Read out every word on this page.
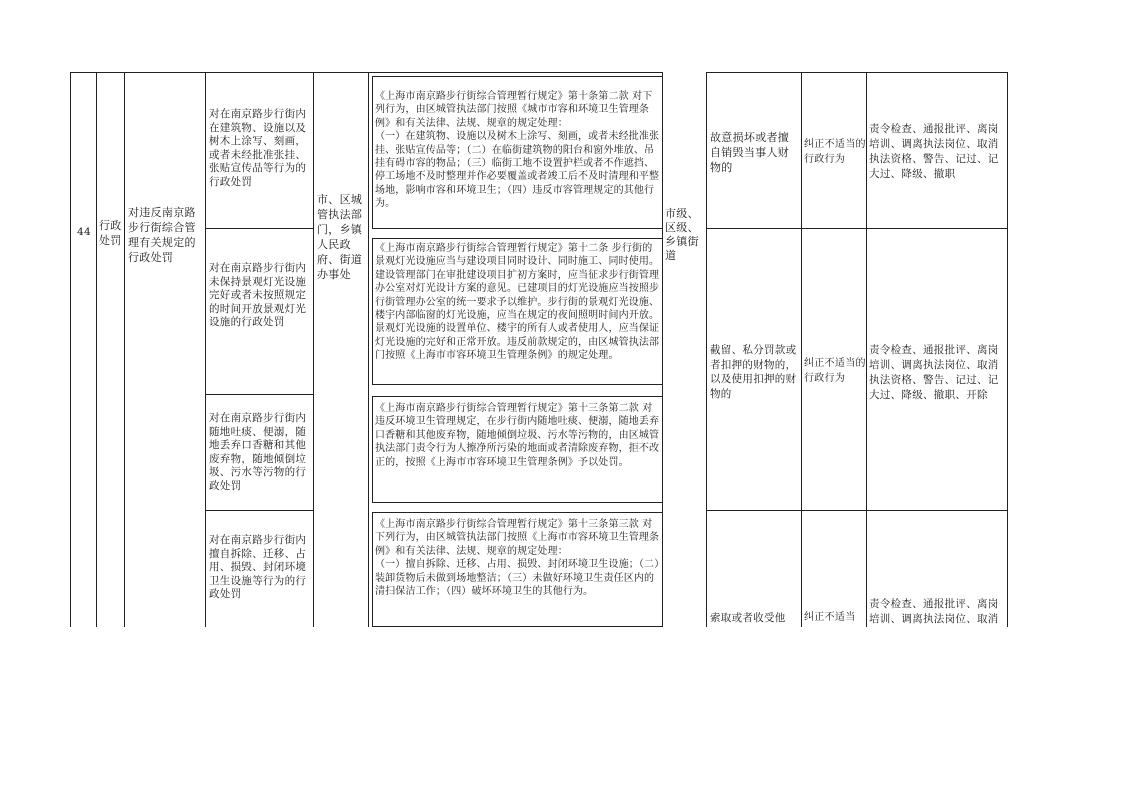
44 行政处罚
对违反南京路步行街综合管理有关规定的行政处罚
市、区城管执法部门，乡镇人民政府、街道办事处
市级、区级、乡镇街道
对在南京路步行街内在建筑物、设施以及树木上涂写、刻画，或者未经批准张挂、张贴宣传品等行为的行政处罚
对在南京路步行街内未保持景观灯光设施完好或者未按照规定的时间开放景观灯光设施的行政处罚
对在南京路步行街内随地吐痰、便溺，随地丢弃口香糖和其他废弃物，随地倾倒垃圾、污水等污物的行政处罚
对在南京路步行街内擅自拆除、迁移、占用、损毁、封闭环境卫生设施等行为的行政处罚
《上海市南京路步行街综合管理暂行规定》第十条第二款 对下列行为，由区城管执法部门按照《城市市容和环境卫生管理条例》和有关法律、法规、规章的规定处理：
（一）在建筑物、设施以及树木上涂写、刻画，或者未经批准张挂、张贴宣传品等；（二）在临街建筑物的阳台和窗外堆放、吊挂有碍市容的物品；（三）临街工地不设置护栏或者不作遮挡、停工场地不及时整理并作必要覆盖或者竣工后不及时清理和平整场地，影响市容和环境卫生；（四）违反市容管理规定的其他行为。
《上海市南京路步行街综合管理暂行规定》第十二条 步行街的景观灯光设施应当与建设项目同时设计、同时施工、同时使用。建设管理部门在审批建设项目扩初方案时，应当征求步行街管理办公室对灯光设计方案的意见。已建项目的灯光设施应当按照步行街管理办公室的统一要求予以维护。步行街的景观灯光设施、楼宇内部临窗的灯光设施，应当在规定的夜间照明时间内开放。景观灯光设施的设置单位、楼宇的所有人或者使用人，应当保证灯光设施的完好和正常开放。违反前款规定的，由区城管执法部门按照《上海市市容环境卫生管理条例》的规定处理。
《上海市南京路步行街综合管理暂行规定》第十三条第二款 对违反环境卫生管理规定，在步行街内随地吐痰、便溺，随地丢弃口香糖和其他废弃物，随地倾倒垃圾、污水等污物的，由区城管执法部门责令行为人擦净所污染的地面或者清除废弃物，拒不改正的，按照《上海市市容环境卫生管理条例》予以处罚。
《上海市南京路步行街综合管理暂行规定》第十三条第三款 对下列行为，由区城管执法部门按照《上海市市容环境卫生管理条例》和有关法律、法规、规章的规定处理：
（一）擅自拆除、迁移、占用、损毁、封闭环境卫生设施；（二）装卸货物后未做到场地整洁；（三）未做好环境卫生责任区内的清扫保洁工作；（四）破坏环境卫生的其他行为。
故意损坏或者擅自销毁当事人财物的
纠正不适当的行政行为
责令检查、通报批评、离岗培训、调离执法岗位、取消执法资格、警告、记过、记大过、降级、撤职
截留、私分罚款或者扣押的财物的，以及使用扣押的财物的
纠正不适当的行政行为
责令检查、通报批评、离岗培训、调离执法岗位、取消执法资格、警告、记过、记大过、降级、撤职、开除
索取或者收受他	纠正不适当
责令检查、通报批评、离岗培训、调离执法岗位、取消
